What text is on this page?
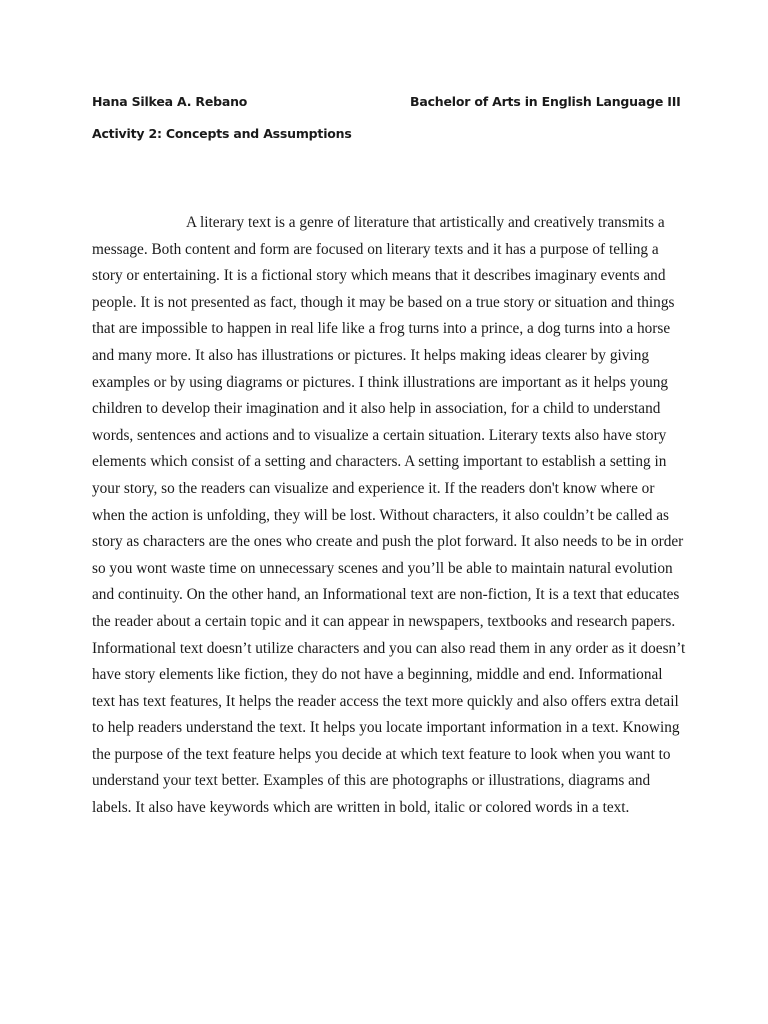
Hana Silkea A. Rebano	Bachelor of Arts in English Language III
Activity 2: Concepts and Assumptions
A literary text is a genre of literature that artistically and creatively transmits a
message. Both content and form are focused on literary texts and it has a purpose of telling a
story or entertaining. It is a fictional story which means that it describes imaginary events and
people. It is not presented as fact, though it may be based on a true story or situation and things
that are impossible to happen in real life like a frog turns into a prince, a dog turns into a horse
and many more. It also has illustrations or pictures. It helps making ideas clearer by giving
examples or by using diagrams or pictures. I think illustrations are important as it helps young
children to develop their imagination and it also help in association, for a child to understand
words, sentences and actions and to visualize a certain situation. Literary texts also have story
elements which consist of a setting and characters. A setting important to establish a setting in
your story, so the readers can visualize and experience it. If the readers don't know where or
when the action is unfolding, they will be lost. Without characters, it also couldn’t be called as
story as characters are the ones who create and push the plot forward. It also needs to be in order
so you wont waste time on unnecessary scenes and you’ll be able to maintain natural evolution
and continuity. On the other hand, an Informational text are non-fiction, It is a text that educates
the reader about a certain topic and it can appear in newspapers, textbooks and research papers.
Informational text doesn’t utilize characters and you can also read them in any order as it doesn’t
have story elements like fiction, they do not have a beginning, middle and end. Informational
text has text features, It helps the reader access the text more quickly and also offers extra detail
to help readers understand the text. It helps you locate important information in a text. Knowing
the purpose of the text feature helps you decide at which text feature to look when you want to
understand your text better. Examples of this are photographs or illustrations, diagrams and
labels. It also have keywords which are written in bold, italic or colored words in a text.
